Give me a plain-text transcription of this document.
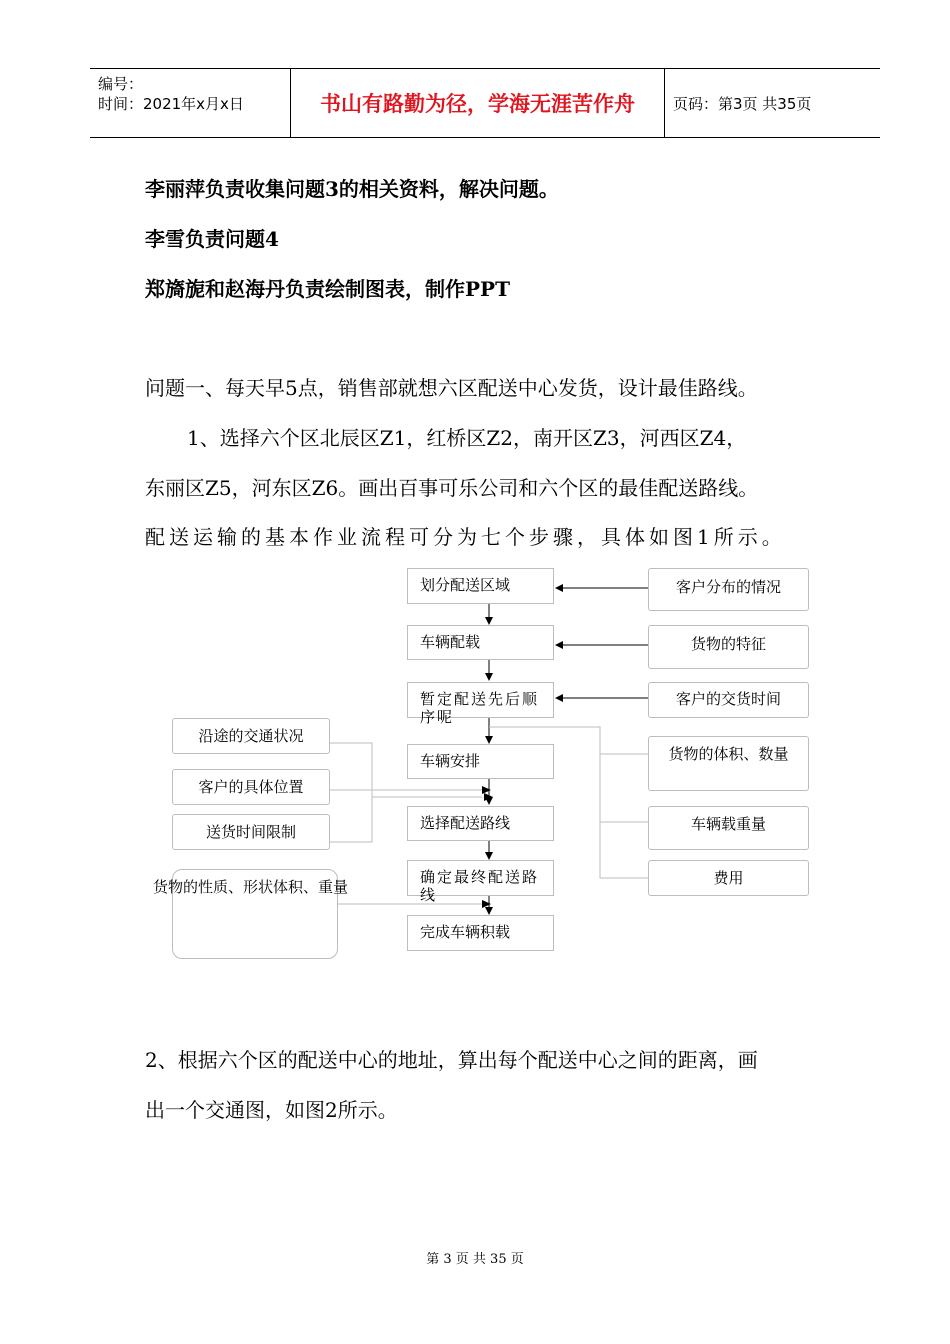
编号：
时间：2021年x月x日	书山有路勤为径，学海无涯苦作舟	页码：第3页 共35页
李丽萍负责收集问题3的相关资料，解决问题。
李雪负责问题4
郑旖旎和赵海丹负责绘制图表，制作PPT
问题一、每天早5点，销售部就想六区配送中心发货，设计最佳路线。
1、选择六个区北辰区Z1，红桥区Z2，南开区Z3，河西区Z4，
东丽区Z5，河东区Z6。画出百事可乐公司和六个区的最佳配送路线。
配送运输的基本作业流程可分为七个步骤，具体如图1所示。
划分配送区域
车辆配载
暂定配送先后顺序呢
车辆安排
选择配送路线
确定最终配送路线
完成车辆积载
客户分布的情况
货物的特征
客户的交货时间
货物的体积、数量
车辆载重量
费用
沿途的交通状况
客户的具体位置
送货时间限制
货物的性质、形状体积、重量
2、根据六个区的配送中心的地址，算出每个配送中心之间的距离，画
出一个交通图，如图2所示。
第 3 页 共 35 页
